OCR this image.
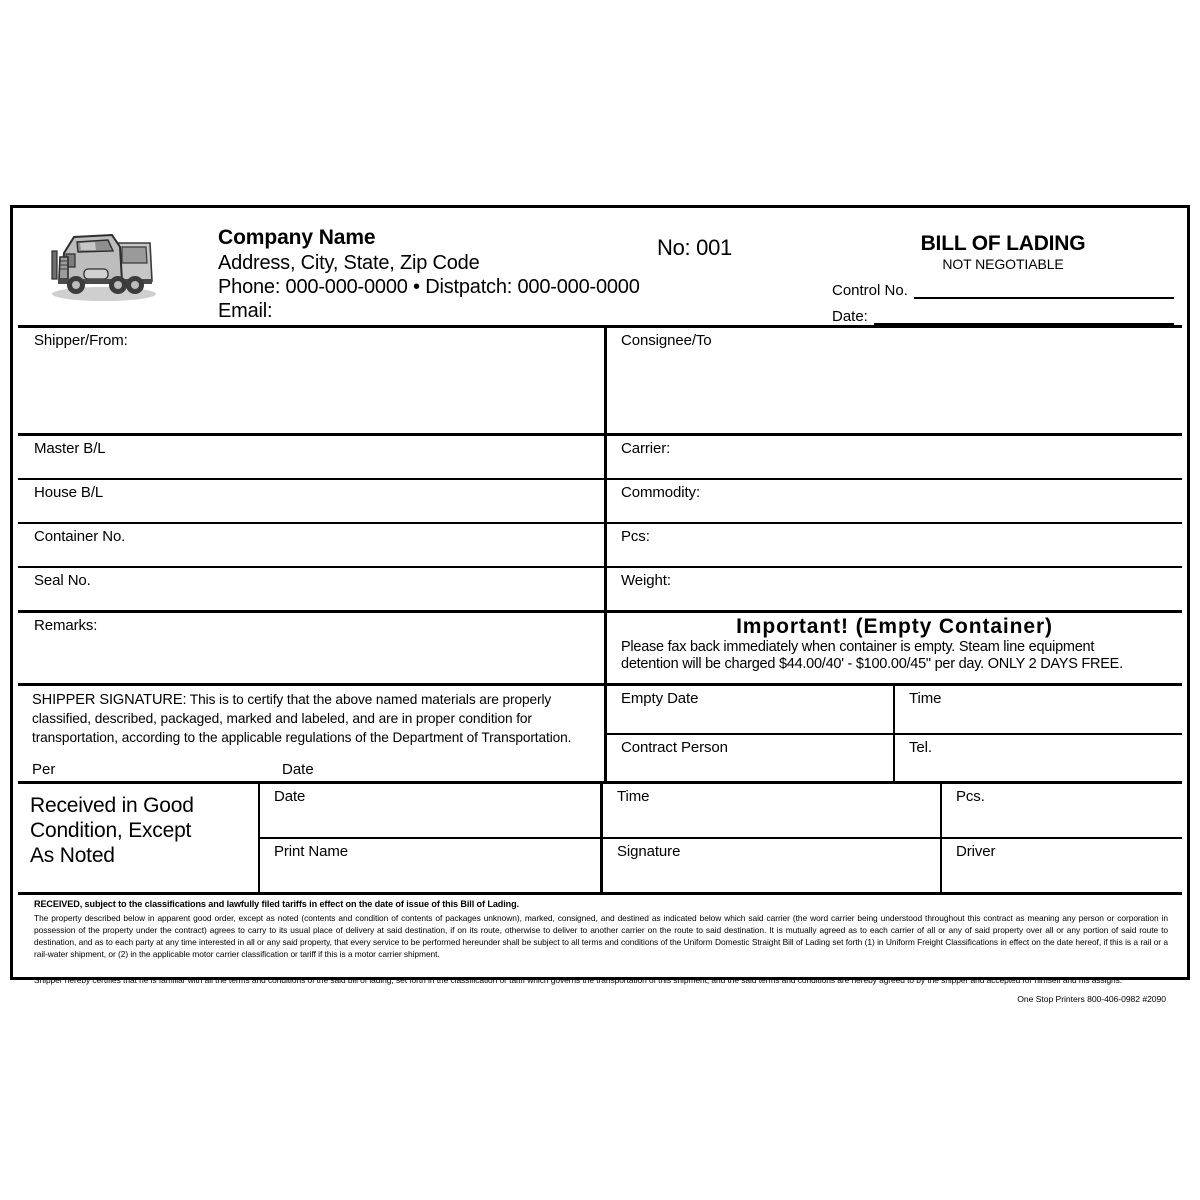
Company Name
Address, City, State, Zip Code
Phone: 000-000-0000 • Distpatch: 000-000-0000
Email:
No: 001	BILL OF LADING
NOT NEGOTIABLE
Control No.
Date:
Shipper/From:	Consignee/To
Master B/L	Carrier:
House B/L	Commodity:
Container No.	Pcs:
Seal No.	Weight:
Remarks:	Important! (Empty Container)
Please fax back immediately when container is empty. Steam line equipment
detention will be charged $44.00/40' - $100.00/45" per day. ONLY 2 DAYS FREE.
SHIPPER SIGNATURE: This is to certify that the above named materials are properly classified, described, packaged, marked and labeled, and are in proper condition for transportation, according to the applicable regulations of the Department of Transportation.
Per	Date
Empty Date	Time
Contract Person	Tel.
Received in Good
Condition, Except
As Noted
Date	Time	Pcs.
Print Name	Signature	Driver
RECEIVED, subject to the classifications and lawfully filed tariffs in effect on the date of issue of this Bill of Lading.
The property described below in apparent good order, except as noted (contents and condition of contents of packages unknown), marked, consigned, and destined as indicated below which said carrier (the word carrier being understood throughout this contract as meaning any person or corporation in possession of the property under the contract) agrees to carry to its usual place of delivery at said destination, if on its route, otherwise to deliver to another carrier on the route to said destination. It is mutually agreed as to each carrier of all or any of said property over all or any portion of said route to destination, and as to each party at any time interested in all or any said property, that every service to be performed hereunder shall be subject to all terms and conditions of the Uniform Domestic Straight Bill of Lading set forth (1) in Uniform Freight Classifications in effect on the date hereof, if this is a rail or a rail-water shipment, or (2) in the applicable motor carrier classification or tariff if this is a motor carrier shipment.
Shipper hereby certifies that he is familiar with all the terms and conditions of the said bill of lading, set forth in the classification or tariff which governs the transportation of this shipment, and the said terms and conditions are hereby agreed to by the shipper and accepted for himself and his assigns.
One Stop Printers 800-406-0982 #2090
